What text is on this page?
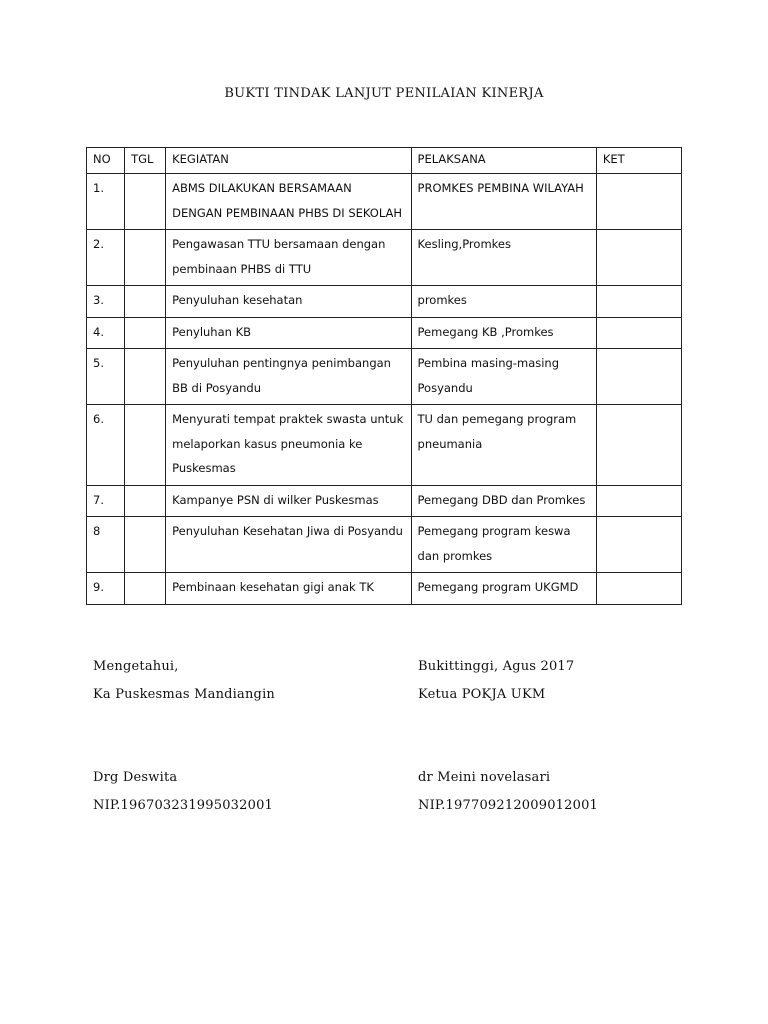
BUKTI TINDAK LANJUT PENILAIAN KINERJA
NO	TGL	KEGIATAN	PELAKSANA	KET
1.		ABMS DILAKUKAN BERSAMAAN DENGAN PEMBINAAN PHBS DI SEKOLAH	PROMKES PEMBINA WILAYAH	
2.		Pengawasan TTU bersamaan dengan pembinaan PHBS di TTU	Kesling,Promkes	
3.		Penyuluhan kesehatan	promkes	
4.		Penyluhan KB	Pemegang KB ,Promkes	
5.		Penyuluhan pentingnya penimbangan BB di Posyandu	Pembina masing-masing Posyandu	
6.		Menyurati tempat praktek swasta untuk melaporkan kasus pneumonia ke Puskesmas	TU dan pemegang program pneumania	
7.		Kampanye PSN di wilker Puskesmas	Pemegang DBD dan Promkes	
8		Penyuluhan Kesehatan Jiwa di Posyandu	Pemegang program keswa dan promkes	
9.		Pembinaan kesehatan gigi anak TK	Pemegang program UKGMD	
Mengetahui,
Ka Puskesmas Mandiangin
Drg Deswita
NIP.196703231995032001
Bukittinggi, Agus 2017
Ketua POKJA UKM
dr Meini novelasari
NIP.197709212009012001
